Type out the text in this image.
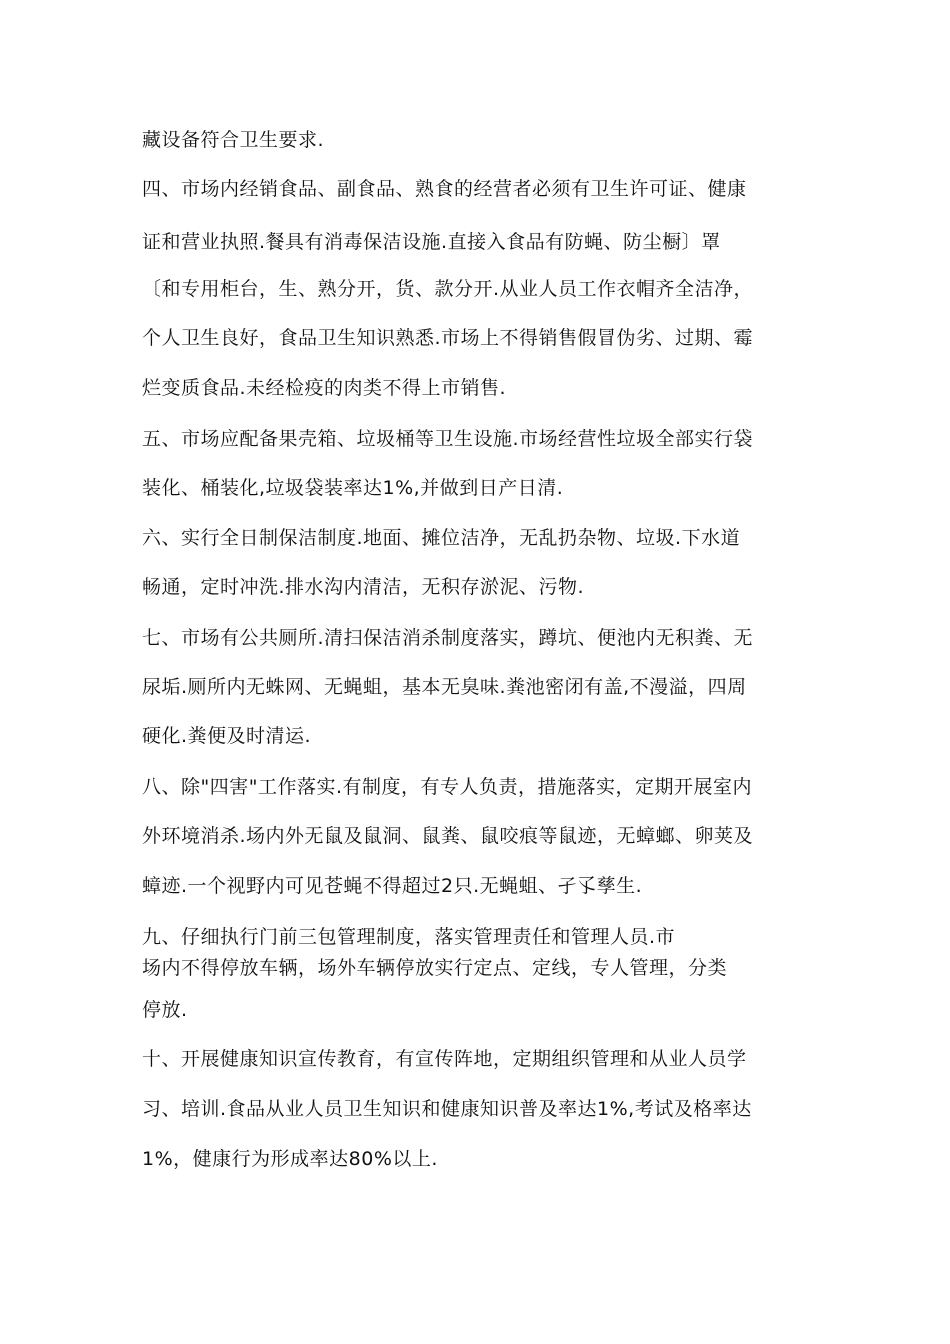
藏设备符合卫生要求.
四、市场内经销食品、副食品、熟食的经营者必须有卫生许可证、健康
证和营业执照.餐具有消毒保洁设施.直接入食品有防蝇、防尘橱〕罩
〔和专用柜台，生、熟分开，货、款分开.从业人员工作衣帽齐全洁净，
个人卫生良好，食品卫生知识熟悉.市场上不得销售假冒伪劣、过期、霉
烂变质食品.未经检疫的肉类不得上市销售.
五、市场应配备果壳箱、垃圾桶等卫生设施.市场经营性垃圾全部实行袋
装化、桶装化,垃圾袋装率达1%,并做到日产日清.
六、实行全日制保洁制度.地面、摊位洁净，无乱扔杂物、垃圾.下水道
畅通，定时冲洗.排水沟内清洁，无积存淤泥、污物.
七、市场有公共厕所.清扫保洁消杀制度落实，蹲坑、便池内无积粪、无
尿垢.厕所内无蛛网、无蝇蛆，基本无臭味.粪池密闭有盖,不漫溢，四周
硬化.粪便及时清运.
八、除"四害"工作落实.有制度，有专人负责，措施落实，定期开展室内
外环境消杀.场内外无鼠及鼠洞、鼠粪、鼠咬痕等鼠迹，无蟑螂、卵荚及
蟑迹.一个视野内可见苍蝇不得超过2只.无蝇蛆、孑孓孳生.
九、仔细执行门前三包管理制度，落实管理责任和管理人员.市
场内不得停放车辆，场外车辆停放实行定点、定线，专人管理，分类
停放.
十、开展健康知识宣传教育，有宣传阵地，定期组织管理和从业人员学
习、培训.食品从业人员卫生知识和健康知识普及率达1%,考试及格率达
1%，健康行为形成率达80%以上.
